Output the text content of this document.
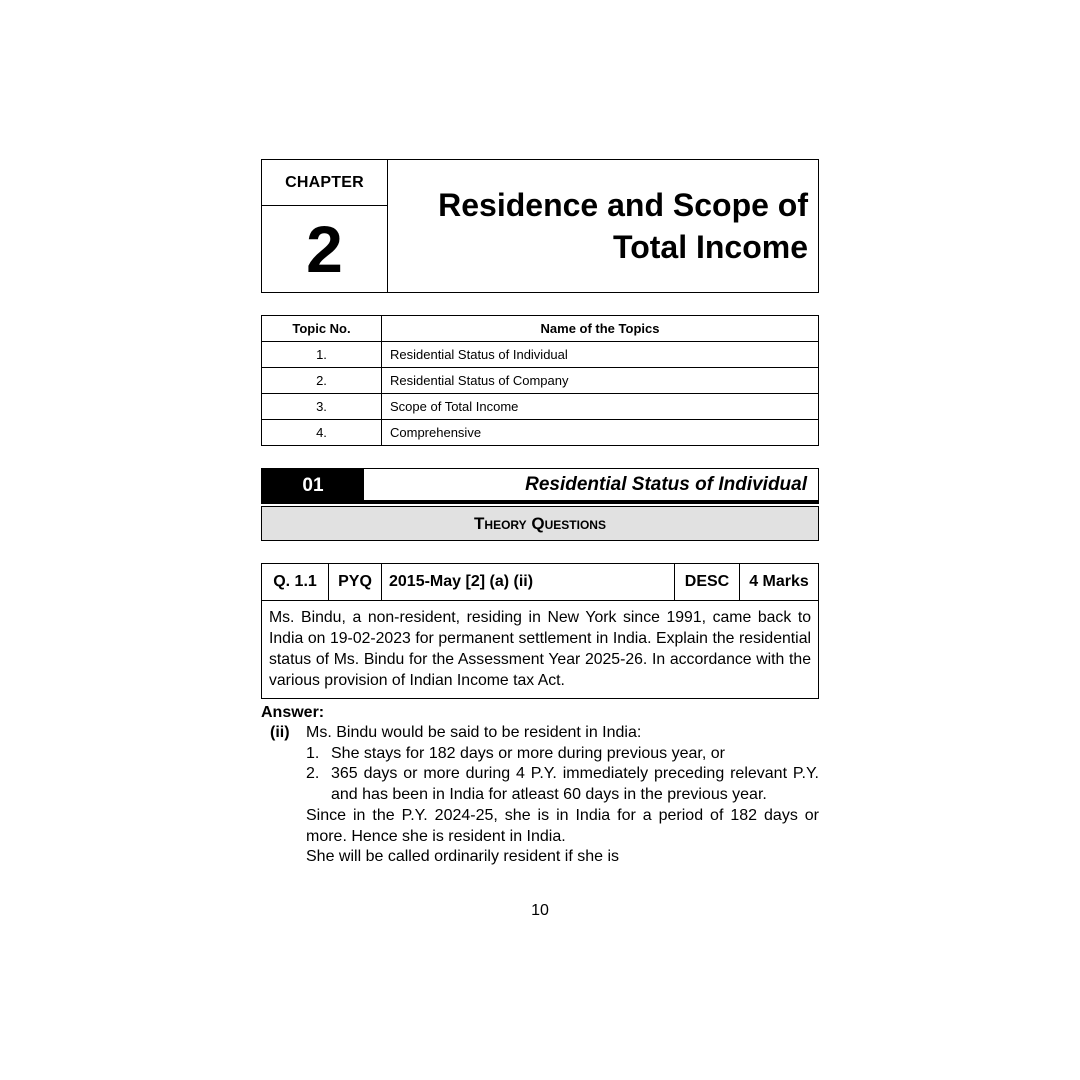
CHAPTER
2
Residence and Scope of
Total Income
Topic No.	Name of the Topics
1.	Residential Status of Individual
2.	Residential Status of Company
3.	Scope of Total Income
4.	Comprehensive
01	Residential Status of Individual
Theory Questions
Q. 1.1	PYQ	2015-May [2] (a) (ii)	DESC	4 Marks
Ms. Bindu, a non-resident, residing in New York since 1991, came back to India on 19-02-2023 for permanent settlement in India. Explain the residential status of Ms. Bindu for the Assessment Year 2025-26. In accordance with the various provision of Indian Income tax Act.
Answer:
(ii)	Ms. Bindu would be said to be resident in India:
1. She stays for 182 days or more during previous year, or
2. 365 days or more during 4 P.Y. immediately preceding relevant P.Y. and has been in India for atleast 60 days in the previous year.
Since in the P.Y. 2024-25, she is in India for a period of 182 days or more. Hence she is resident in India.
She will be called ordinarily resident if she is
10
